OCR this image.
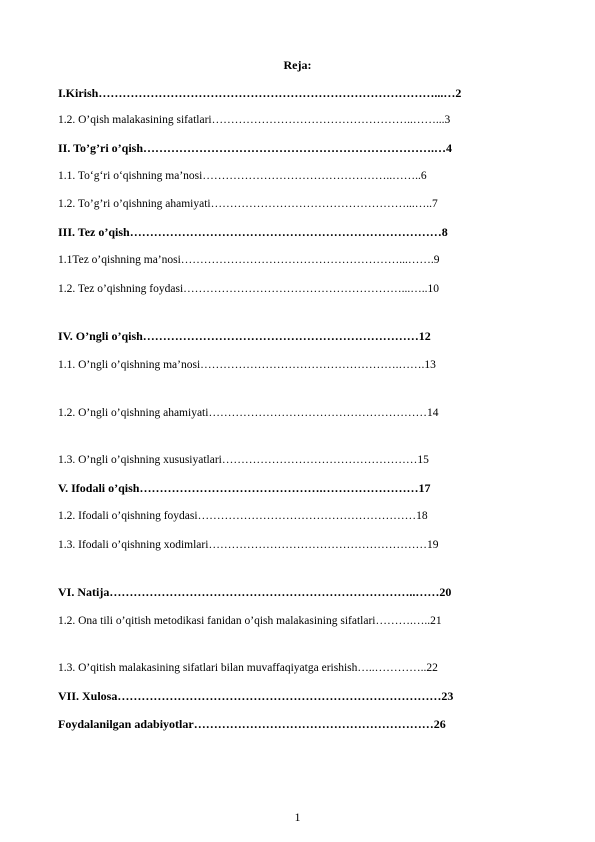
Reja:
I.Kirish…………………………………………………………………………...…2
1.2. O’qish malakasining sifatlari……………………………………………..……...3
II. To’g’ri o’qish……………………………………………………………….…4
1.1. To‘g‘ri o‘qishning ma’nosi…………………………………………..……..6
1.2. To’g’ri o’qishning ahamiyati……………………………………………...…..7
III. Tez o’qish……………………………………………………………………8
1.1Tez o’qishning ma’nosi…………………………………………………...…….9
1.2. Tez o’qishning foydasi…………………………………………………...…..10
IV. O’ngli o’qish……………………………………………………………12
1.1. O’ngli o’qishning ma’nosi…………………………………………….…….13
1.2. O’ngli o’qishning ahamiyati…………………………………………………14
1.3. O’ngli o’qishning xususiyatlari……………………………………………15
V. Ifodali o’qish……………………………………….……………………17
1.2. Ifodali o’qishning foydasi…………………………………………………18
1.3. Ifodali o’qishning xodimlari…………………………………………………19
VI. Natija…………………………………………………………………..……20
1.2. Ona tili o’qitish metodikasi fanidan o’qish malakasining sifatlari……….…..21
1.3. O’qitish malakasining sifatlari bilan muvaffaqiyatga erishish…..…………..22
VII. Xulosa………………………………………………………………………23
Foydalanilgan adabiyotlar……………………………………………………26
1
